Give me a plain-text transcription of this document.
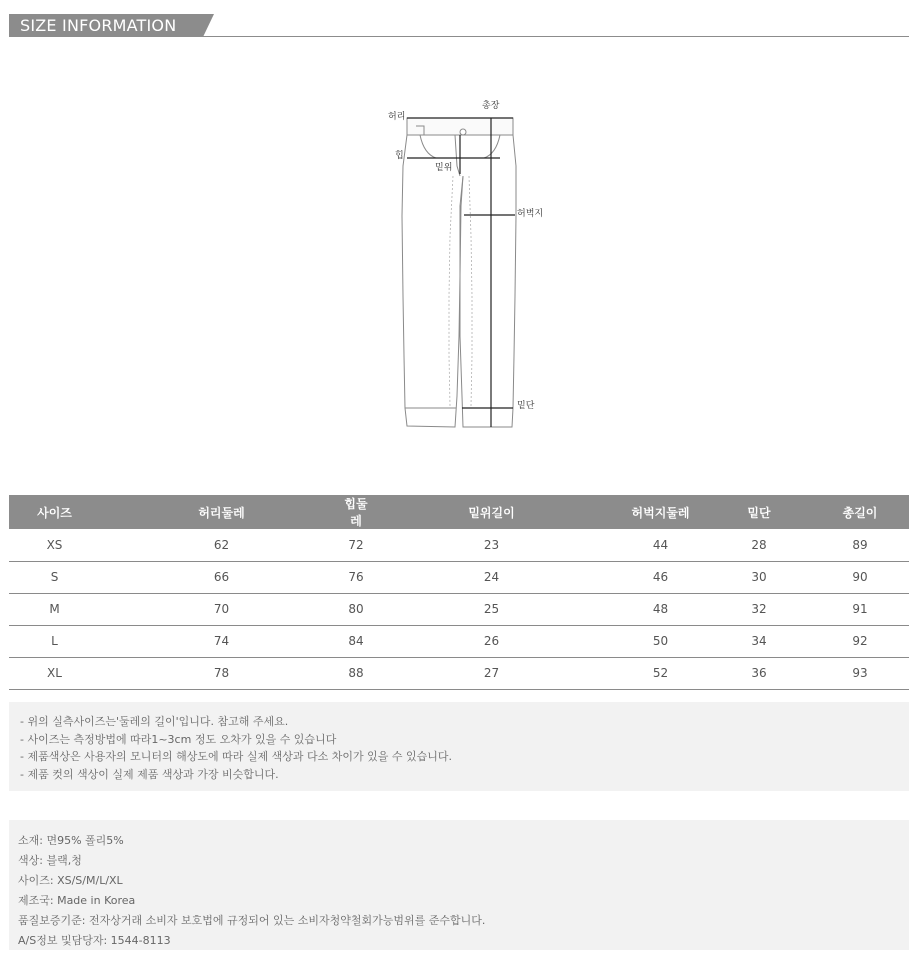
SIZE INFORMATION
허리
총장
힙
밑위
허벅지
밑단
사이즈	허리둘레	힙둘레	밑위길이	허벅지둘레	밑단	총길이
XS	62	72	23	44	28	89
S	66	76	24	46	30	90
M	70	80	25	48	32	91
L	74	84	26	50	34	92
XL	78	88	27	52	36	93
- 위의 실측사이즈는'둘레의 길이'입니다. 참고해 주세요.
- 사이즈는 측정방법에 따라1~3cm 정도 오차가 있을 수 있습니다
- 제품색상은 사용자의 모니터의 해상도에 따라 실제 색상과 다소 차이가 있을 수 있습니다.
- 제품 컷의 색상이 실제 제품 색상과 가장 비슷합니다.
소재: 면95% 폴리5%
색상: 블랙,청
사이즈: XS/S/M/L/XL
제조국: Made in Korea
품질보증기준: 전자상거래 소비자 보호법에 규정되어 있는 소비자청약철회가능범위를 준수합니다.
A/S정보 및담당자: 1544-8113
